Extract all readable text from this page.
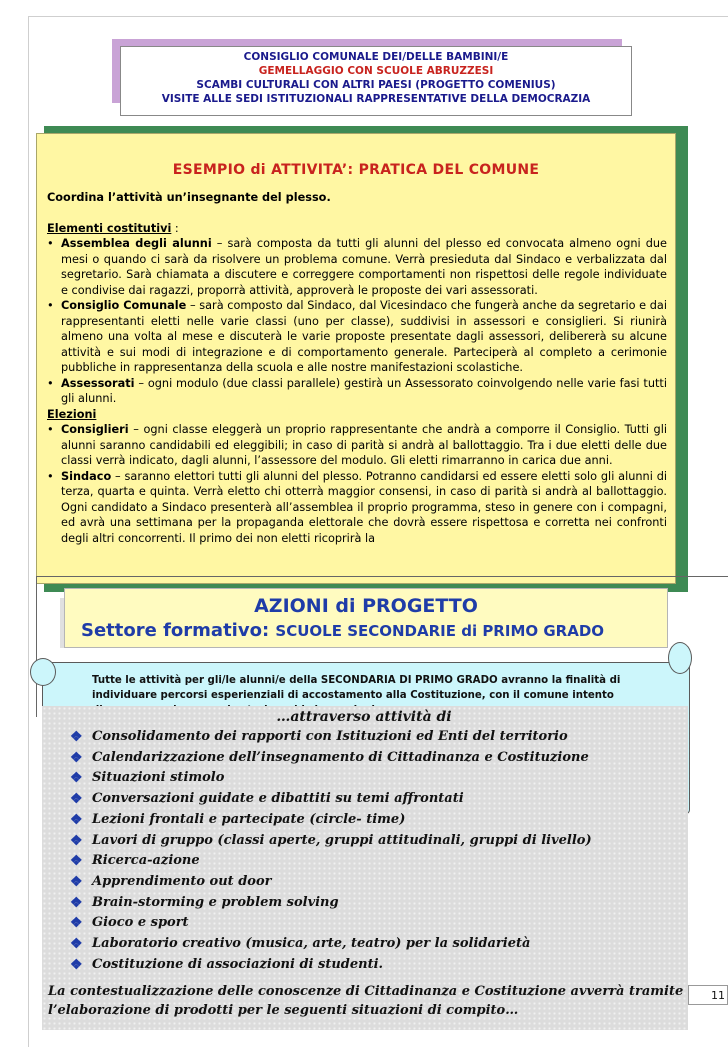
CONSIGLIO COMUNALE DEI/DELLE BAMBINI/E
GEMELLAGGIO CON SCUOLE ABRUZZESI
SCAMBI CULTURALI CON ALTRI PAESI (PROGETTO COMENIUS)
VISITE ALLE SEDI ISTITUZIONALI RAPPRESENTATIVE DELLA DEMOCRAZIA
ESEMPIO di ATTIVITA’: PRATICA DEL COMUNE

Coordina l’attività un’insegnante del plesso.

Elementi costitutivi :

• Assemblea degli alunni – sarà composta da tutti gli alunni del plesso ed convocata almeno ogni due mesi o quando ci sarà da risolvere un problema comune. Verrà presieduta dal Sindaco e verbalizzata dal segretario. Sarà chiamata a discutere e correggere comportamenti non rispettosi delle regole individuate e condivise dai ragazzi, proporrà attività, approverà le proposte dei vari assessorati.

• Consiglio Comunale – sarà composto dal Sindaco, dal Vicesindaco che fungerà anche da segretario e dai rappresentanti eletti nelle varie classi (uno per classe), suddivisi in assessori e consiglieri. Si riunirà almeno una volta al mese e discuterà le varie proposte presentate dagli assessori, delibererà su alcune attività e sui modi di integrazione e di comportamento generale. Parteciperà al completo a cerimonie pubbliche in rappresentanza della scuola e alle nostre manifestazioni scolastiche.

• Assessorati – ogni modulo (due classi parallele) gestirà un Assessorato coinvolgendo nelle varie fasi tutti gli alunni.

Elezioni

• Consiglieri – ogni classe eleggerà un proprio rappresentante che andrà a comporre il Consiglio. Tutti gli alunni saranno candidabili ed eleggibili; in caso di parità si andrà al ballottaggio. Tra i due eletti delle due classi verrà indicato, dagli alunni, l’assessore del modulo. Gli eletti rimarranno in carica due anni.

• Sindaco – saranno elettori tutti gli alunni del plesso. Potranno candidarsi ed essere eletti solo gli alunni di terza, quarta e quinta. Verrà eletto chi otterrà maggior consensi, in caso di parità si andrà al ballottaggio. Ogni candidato a Sindaco presenterà all’assemblea il proprio programma, steso in genere con i compagni, ed avrà una settimana per la propaganda elettorale che dovrà essere rispettosa e corretta nei confronti degli altri concorrenti. Il primo dei non eletti ricoprirà la

AZIONI di PROGETTO
Settore formativo: SCUOLE SECONDARIE di PRIMO GRADO
Tutte le attività per gli/le alunni/e della SECONDARIA DI PRIMO GRADO avranno la finalità di individuare percorsi esperienziali di accostamento alla Costituzione, con il comune intento
…attraverso attività di
❖ Consolidamento dei rapporti con Istituzioni ed Enti del territorio
❖ Calendarizzazione dell’insegnamento di Cittadinanza e Costituzione
❖ Situazioni stimolo
❖ Conversazioni guidate e dibattiti su temi affrontati
❖ Lezioni frontali e partecipate (circle- time)
❖ Lavori di gruppo (classi aperte, gruppi attitudinali, gruppi di livello)
❖ Ricerca-azione
❖ Apprendimento out door
❖ Brain-storming e problem solving
❖ Gioco e sport
❖ Laboratorio creativo (musica, arte, teatro) per la solidarietà
❖ Costituzione di associazioni di studenti.
La contestualizzazione delle conoscenze di Cittadinanza e Costituzione avverrà tramite
l’elaborazione di prodotti per le seguenti situazioni di compito…
11
